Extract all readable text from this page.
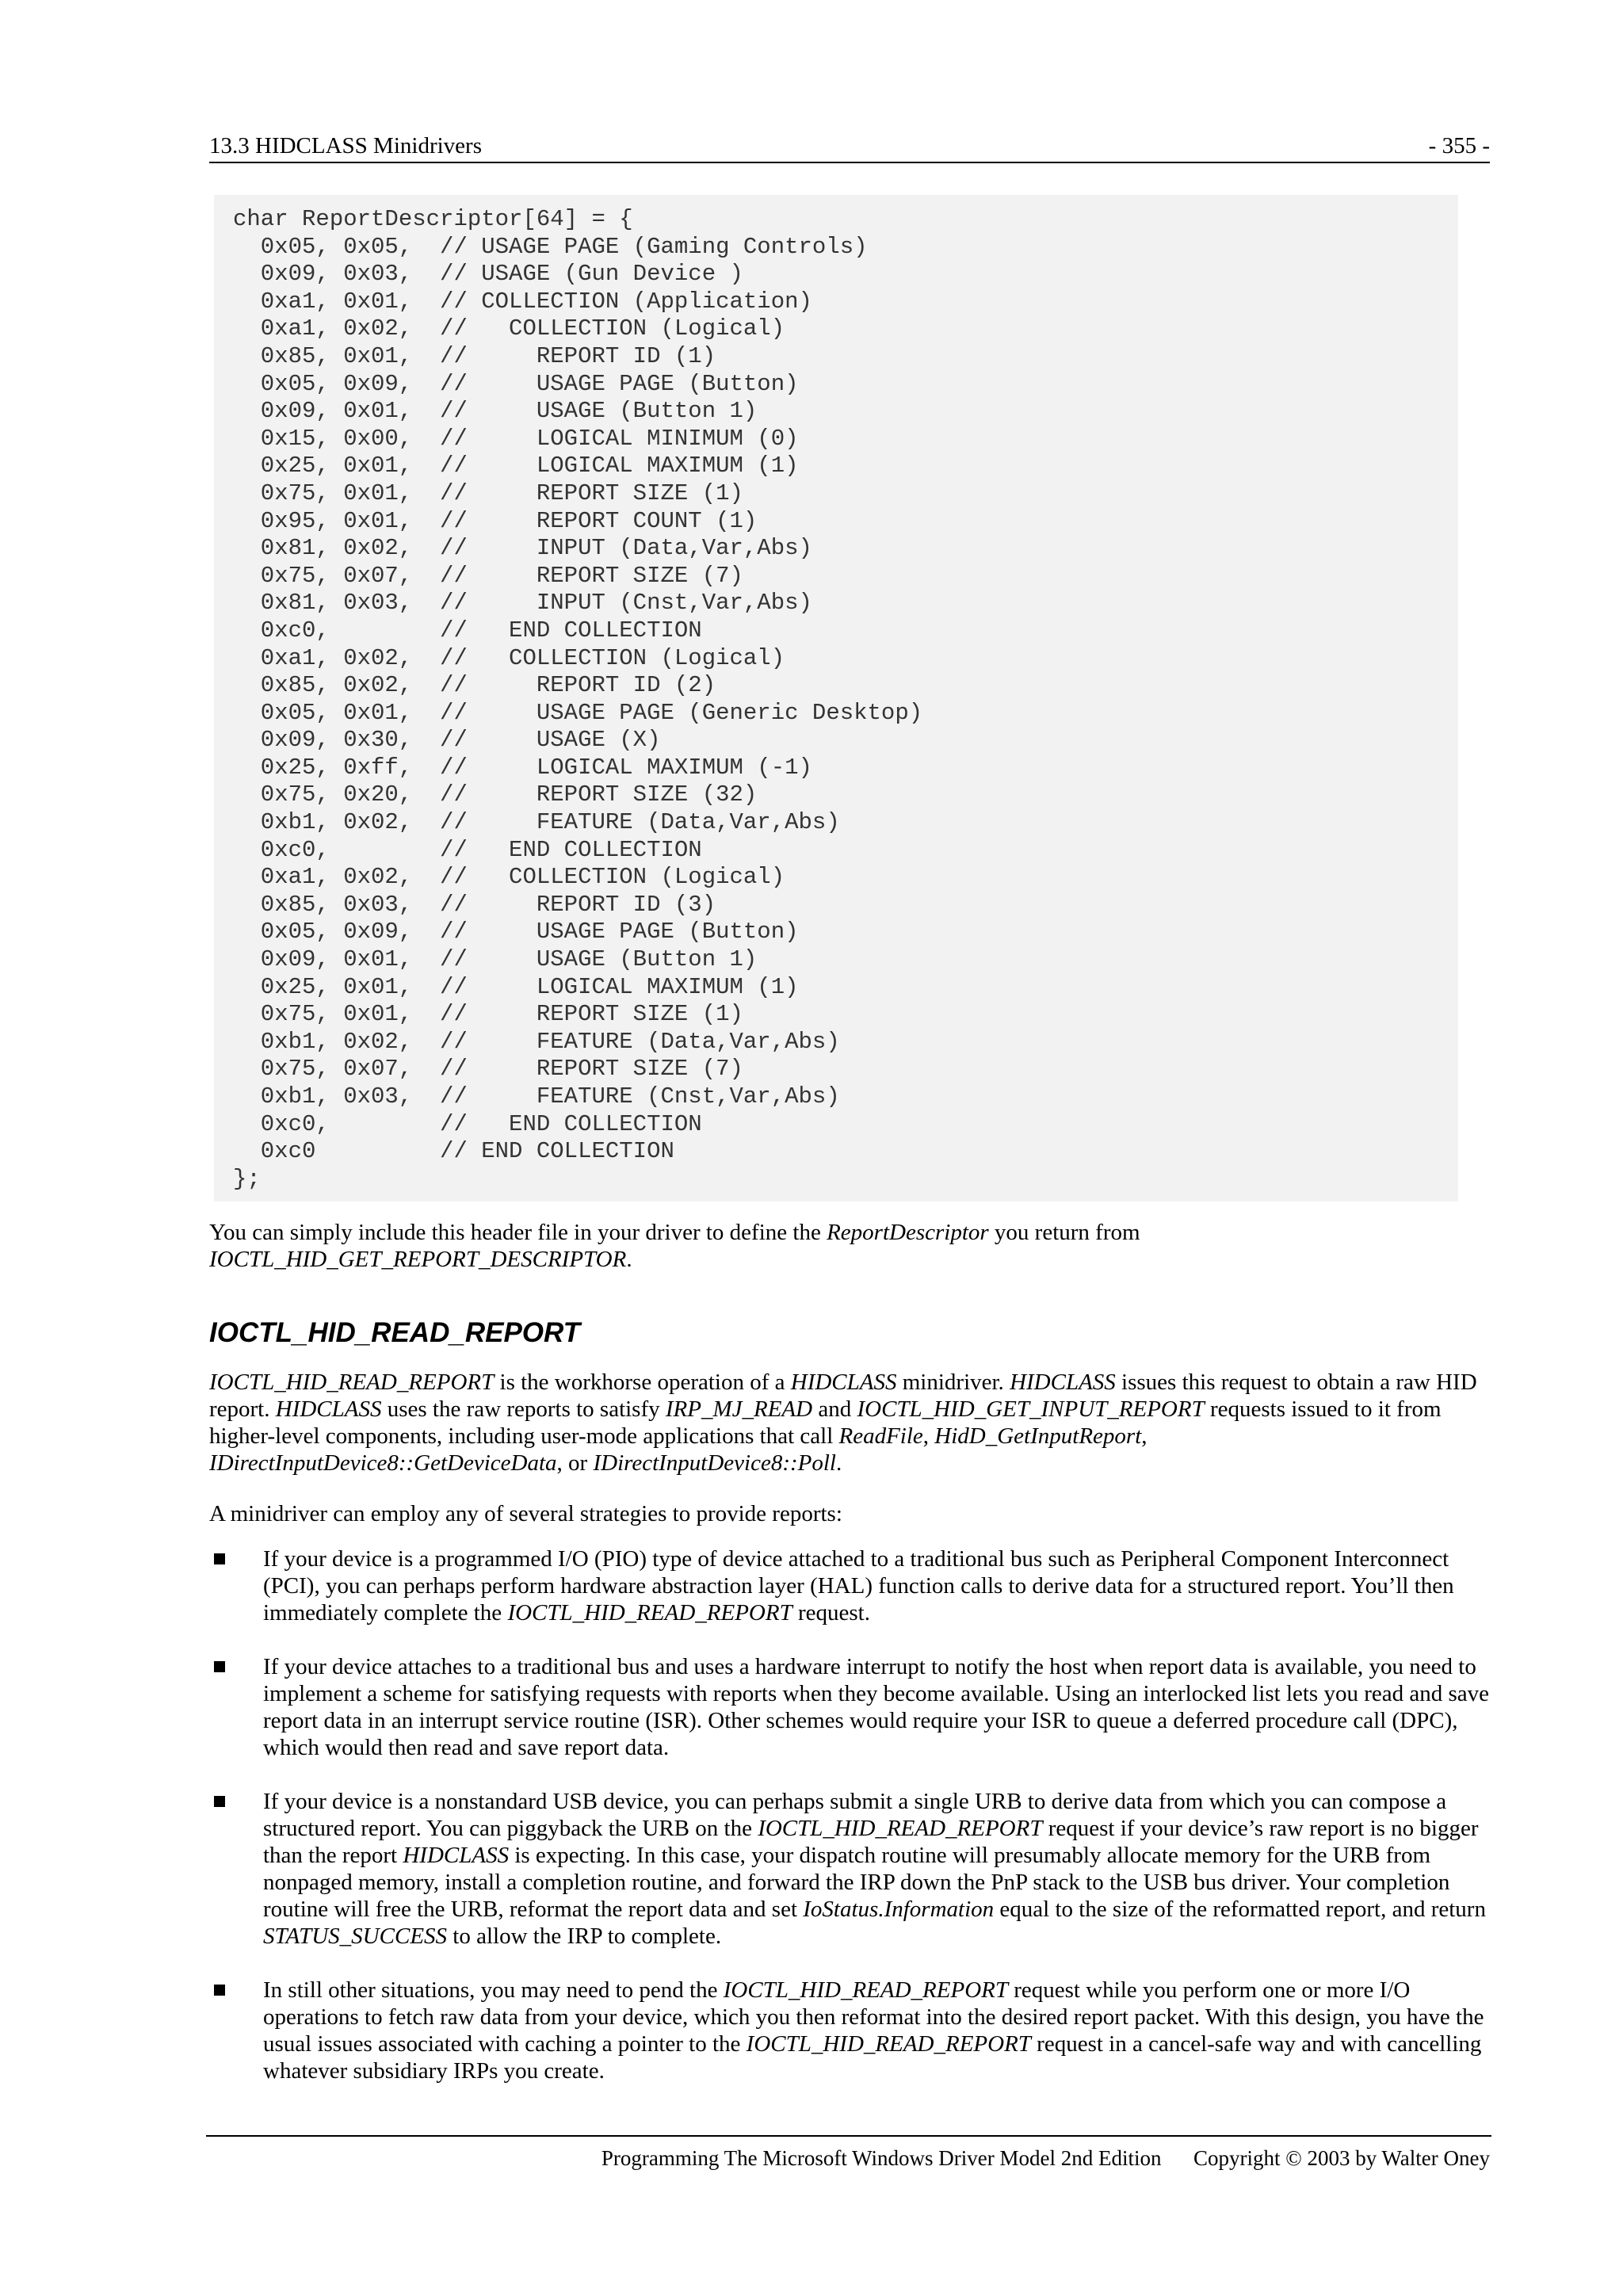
13.3 HIDCLASS Minidrivers	- 355 -
char ReportDescriptor[64] = {
0x05, 0x05,  // USAGE PAGE (Gaming Controls)
0x09, 0x03,  // USAGE (Gun Device )
0xa1, 0x01,  // COLLECTION (Application)
0xa1, 0x02,  //   COLLECTION (Logical)
0x85, 0x01,  //     REPORT ID (1)
0x05, 0x09,  //     USAGE PAGE (Button)
0x09, 0x01,  //     USAGE (Button 1)
0x15, 0x00,  //     LOGICAL MINIMUM (0)
0x25, 0x01,  //     LOGICAL MAXIMUM (1)
0x75, 0x01,  //     REPORT SIZE (1)
0x95, 0x01,  //     REPORT COUNT (1)
0x81, 0x02,  //     INPUT (Data,Var,Abs)
0x75, 0x07,  //     REPORT SIZE (7)
0x81, 0x03,  //     INPUT (Cnst,Var,Abs)
0xc0,        //   END COLLECTION
0xa1, 0x02,  //   COLLECTION (Logical)
0x85, 0x02,  //     REPORT ID (2)
0x05, 0x01,  //     USAGE PAGE (Generic Desktop)
0x09, 0x30,  //     USAGE (X)
0x25, 0xff,  //     LOGICAL MAXIMUM (-1)
0x75, 0x20,  //     REPORT SIZE (32)
0xb1, 0x02,  //     FEATURE (Data,Var,Abs)
0xc0,        //   END COLLECTION
0xa1, 0x02,  //   COLLECTION (Logical)
0x85, 0x03,  //     REPORT ID (3)
0x05, 0x09,  //     USAGE PAGE (Button)
0x09, 0x01,  //     USAGE (Button 1)
0x25, 0x01,  //     LOGICAL MAXIMUM (1)
0x75, 0x01,  //     REPORT SIZE (1)
0xb1, 0x02,  //     FEATURE (Data,Var,Abs)
0x75, 0x07,  //     REPORT SIZE (7)
0xb1, 0x03,  //     FEATURE (Cnst,Var,Abs)
0xc0,        //   END COLLECTION
0xc0         // END COLLECTION
};

You can simply include this header file in your driver to define the ReportDescriptor you return from
IOCTL_HID_GET_REPORT_DESCRIPTOR.

IOCTL_HID_READ_REPORT

IOCTL_HID_READ_REPORT is the workhorse operation of a HIDCLASS minidriver. HIDCLASS issues this request to obtain a raw HID report. HIDCLASS uses the raw reports to satisfy IRP_MJ_READ and IOCTL_HID_GET_INPUT_REPORT requests issued to it from higher-level components, including user-mode applications that call ReadFile, HidD_GetInputReport, IDirectInputDevice8::GetDeviceData, or IDirectInputDevice8::Poll.

A minidriver can employ any of several strategies to provide reports:

If your device is a programmed I/O (PIO) type of device attached to a traditional bus such as Peripheral Component Interconnect (PCI), you can perhaps perform hardware abstraction layer (HAL) function calls to derive data for a structured report. You’ll then immediately complete the IOCTL_HID_READ_REPORT request.
If your device attaches to a traditional bus and uses a hardware interrupt to notify the host when report data is available, you need to implement a scheme for satisfying requests with reports when they become available. Using an interlocked list lets you read and save report data in an interrupt service routine (ISR). Other schemes would require your ISR to queue a deferred procedure call (DPC), which would then read and save report data.
If your device is a nonstandard USB device, you can perhaps submit a single URB to derive data from which you can compose a structured report. You can piggyback the URB on the IOCTL_HID_READ_REPORT request if your device’s raw report is no bigger than the report HIDCLASS is expecting. In this case, your dispatch routine will presumably allocate memory for the URB from nonpaged memory, install a completion routine, and forward the IRP down the PnP stack to the USB bus driver. Your completion routine will free the URB, reformat the report data and set IoStatus.Information equal to the size of the reformatted report, and return STATUS_SUCCESS to allow the IRP to complete.
In still other situations, you may need to pend the IOCTL_HID_READ_REPORT request while you perform one or more I/O operations to fetch raw data from your device, which you then reformat into the desired report packet. With this design, you have the usual issues associated with caching a pointer to the IOCTL_HID_READ_REPORT request in a cancel-safe way and with cancelling whatever subsidiary IRPs you create.
Programming The Microsoft Windows Driver Model 2nd Edition Copyright © 2003 by Walter Oney
